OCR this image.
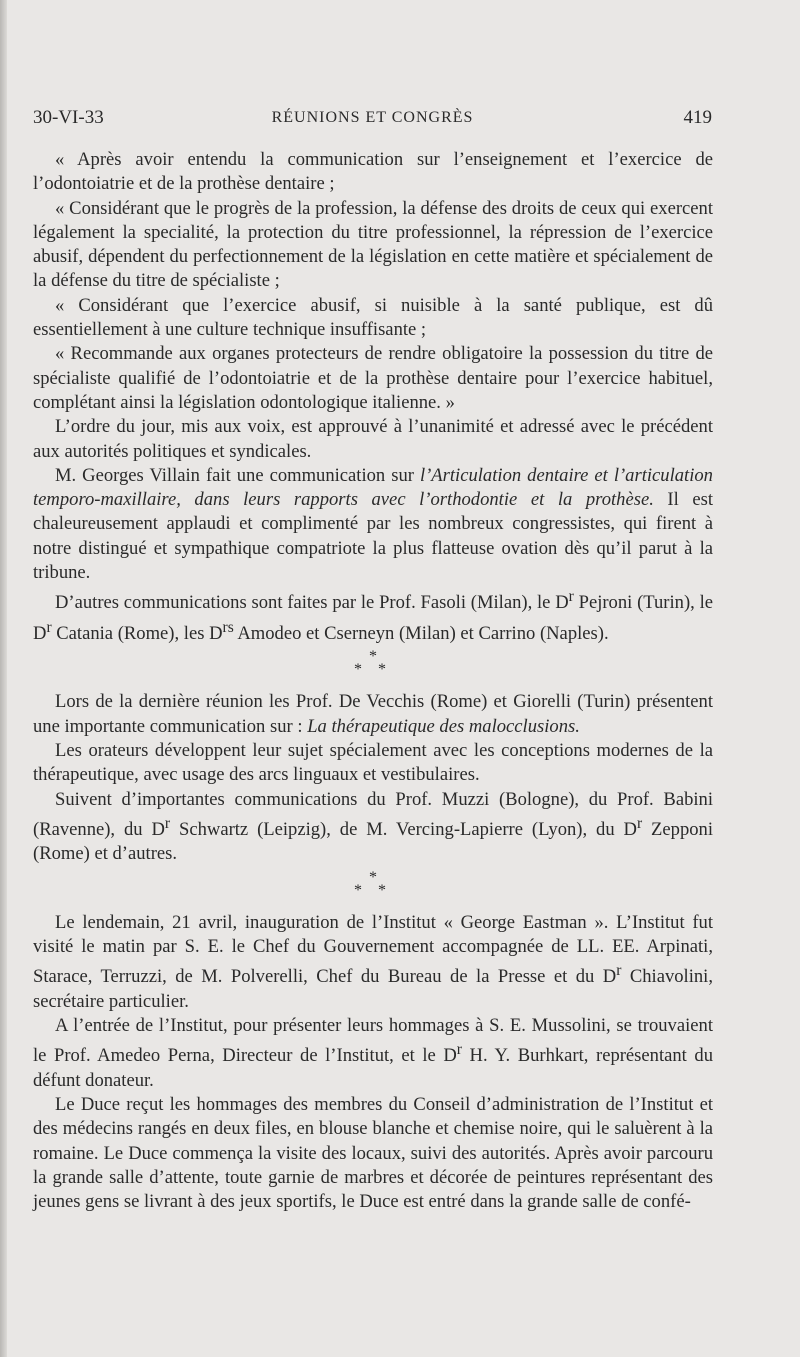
30-VI-33	RÉUNIONS ET CONGRÈS	419

« Après avoir entendu la communication sur l’enseignement et l’exercice de l’odontoiatrie et de la prothèse dentaire ;

« Considérant que le progrès de la profession, la défense des droits de ceux qui exercent légalement la specialité, la protection du titre professionnel, la répression de l’exercice abusif, dépendent du perfectionnement de la législation en cette matière et spécialement de la défense du titre de spécialiste ;

« Considérant que l’exercice abusif, si nuisible à la santé publique, est dû essentiellement à une culture technique insuffisante ;

« Recommande aux organes protecteurs de rendre obligatoire la possession du titre de spécialiste qualifié de l’odontoiatrie et de la prothèse dentaire pour l’exercice habituel, complétant ainsi la législation odontologique italienne. »

L’ordre du jour, mis aux voix, est approuvé à l’unanimité et adressé avec le précédent aux autorités politiques et syndicales.

M. Georges Villain fait une communication sur l’Articulation dentaire et l’articulation temporo-maxillaire, dans leurs rapports avec l’orthodontie et la prothèse. Il est chaleureusement applaudi et complimenté par les nombreux congressistes, qui firent à notre distingué et sympathique compatriote la plus flatteuse ovation dès qu’il parut à la tribune.

D’autres communications sont faites par le Prof. Fasoli (Milan), le $D^r$ Pejroni (Turin), le $D^r$ Catania (Rome), les $D^{rs}$ Amodeo et Cserneyn (Milan) et Carrino (Naples).

*
* *

Lors de la dernière réunion les Prof. De Vecchis (Rome) et Giorelli (Turin) présentent une importante communication sur : La thérapeutique des malocclusions.

Les orateurs développent leur sujet spécialement avec les conceptions modernes de la thérapeutique, avec usage des arcs linguaux et vestibulaires.

Suivent d’importantes communications du Prof. Muzzi (Bologne), du Prof. Babini (Ravenne), du $D^r$ Schwartz (Leipzig), de M. Vercing-Lapierre (Lyon), du $D^r$ Zepponi (Rome) et d’autres.

*
* *

Le lendemain, 21 avril, inauguration de l’Institut « George Eastman ». L’Institut fut visité le matin par S. E. le Chef du Gouvernement accompagnée de LL. EE. Arpinati, Starace, Terruzzi, de M. Polverelli, Chef du Bureau de la Presse et du $D^r$ Chiavolini, secrétaire particulier.

A l’entrée de l’Institut, pour présenter leurs hommages à S. E. Mussolini, se trouvaient le Prof. Amedeo Perna, Directeur de l’Institut, et le $D^r$ H. Y. Burhkart, représentant du défunt donateur.

Le Duce reçut les hommages des membres du Conseil d’administration de l’Institut et des médecins rangés en deux files, en blouse blanche et chemise noire, qui le saluèrent à la romaine. Le Duce commença la visite des locaux, suivi des autorités. Après avoir parcouru la grande salle d’attente, toute garnie de marbres et décorée de peintures représentant des jeunes gens se livrant à des jeux sportifs, le Duce est entré dans la grande salle de confé-
